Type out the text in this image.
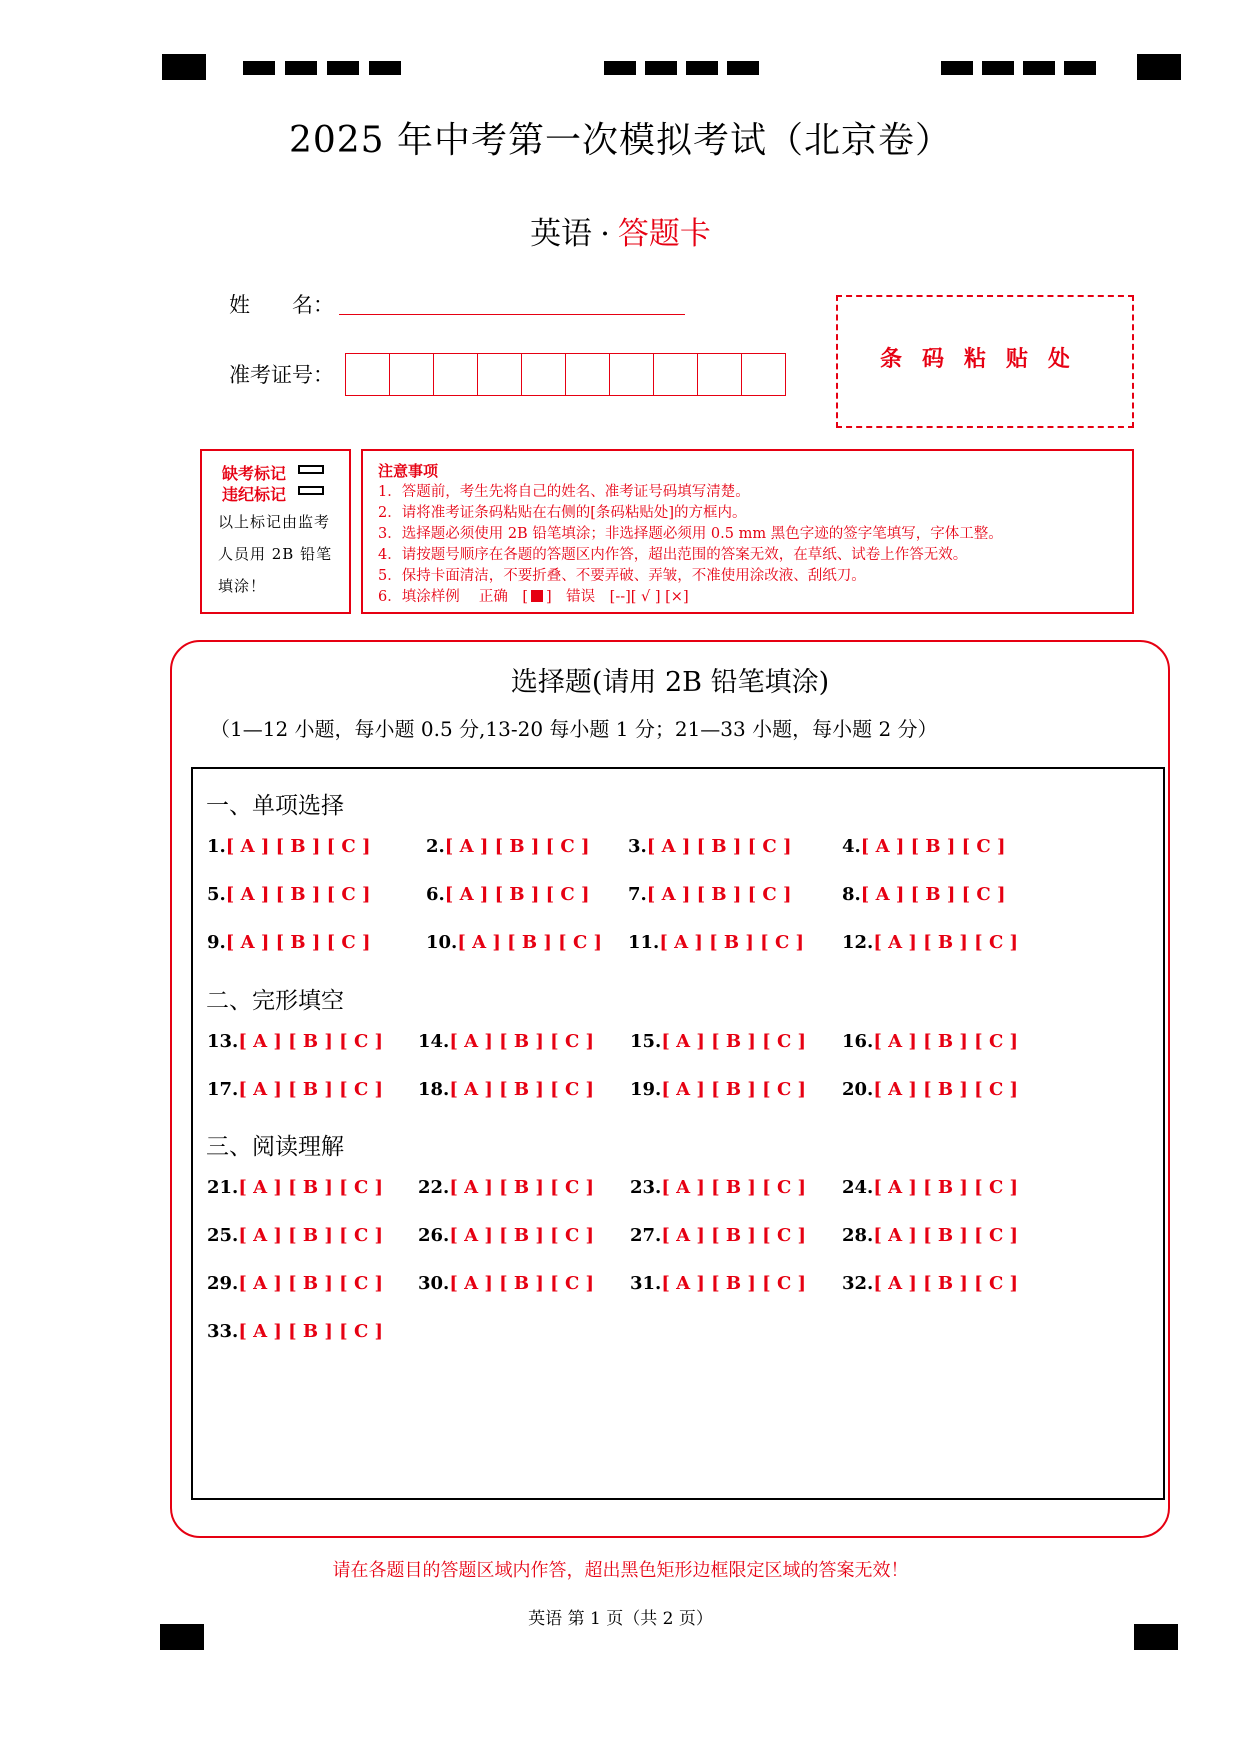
2025 年中考第一次模拟考试（北京卷）
英语 · 答题卡
姓　　名：
准考证号：
条码粘贴处
缺考标记
违纪标记
以上标记由监考人员用 2B 铅笔填涂！
注意事项
1．答题前，考生先将自己的姓名、准考证号码填写清楚。
2．请将准考证条码粘贴在右侧的[条码粘贴处]的方框内。
3．选择题必须使用 2B 铅笔填涂；非选择题必须用 0.5 mm 黑色字迹的签字笔填写，字体工整。
4．请按题号顺序在各题的答题区内作答，超出范围的答案无效，在草纸、试卷上作答无效。
5．保持卡面清洁，不要折叠、不要弄破、弄皱，不准使用涂改液、刮纸刀。
6．填涂样例　 正确　[ ]　错误　[--][ √ ] [×]
选择题(请用 2B 铅笔填涂)
（1—12 小题，每小题 0.5 分,13-20 每小题 1 分；21—33 小题，每小题 2 分）
一、单项选择
1.[ A ] [ B ] [ C ]	2.[ A ] [ B ] [ C ] 3.[ A ] [ B ] [ C ]	4.[ A ] [ B ] [ C ]
5.[ A ] [ B ] [ C ]	6.[ A ] [ B ] [ C ] 7.[ A ] [ B ] [ C ]	8.[ A ] [ B ] [ C ]
9.[ A ] [ B ] [ C ]	10.[ A ] [ B ] [ C ] 11.[ A ] [ B ] [ C ] 12.[ A ] [ B ] [ C ]
二、完形填空
13.[ A ] [ B ] [ C ] 14.[ A ] [ B ] [ C ] 15.[ A ] [ B ] [ C ] 16.[ A ] [ B ] [ C ]
17.[ A ] [ B ] [ C ] 18.[ A ] [ B ] [ C ] 19.[ A ] [ B ] [ C ] 20.[ A ] [ B ] [ C ]
三、阅读理解
21.[ A ] [ B ] [ C ] 22.[ A ] [ B ] [ C ] 23.[ A ] [ B ] [ C ] 24.[ A ] [ B ] [ C ]
25.[ A ] [ B ] [ C ] 26.[ A ] [ B ] [ C ] 27.[ A ] [ B ] [ C ] 28.[ A ] [ B ] [ C ]
29.[ A ] [ B ] [ C ] 30.[ A ] [ B ] [ C ] 31.[ A ] [ B ] [ C ] 32.[ A ] [ B ] [ C ]
33.[ A ] [ B ] [ C ]
请在各题目的答题区域内作答，超出黑色矩形边框限定区域的答案无效！
英语 第 1 页（共 2 页）
